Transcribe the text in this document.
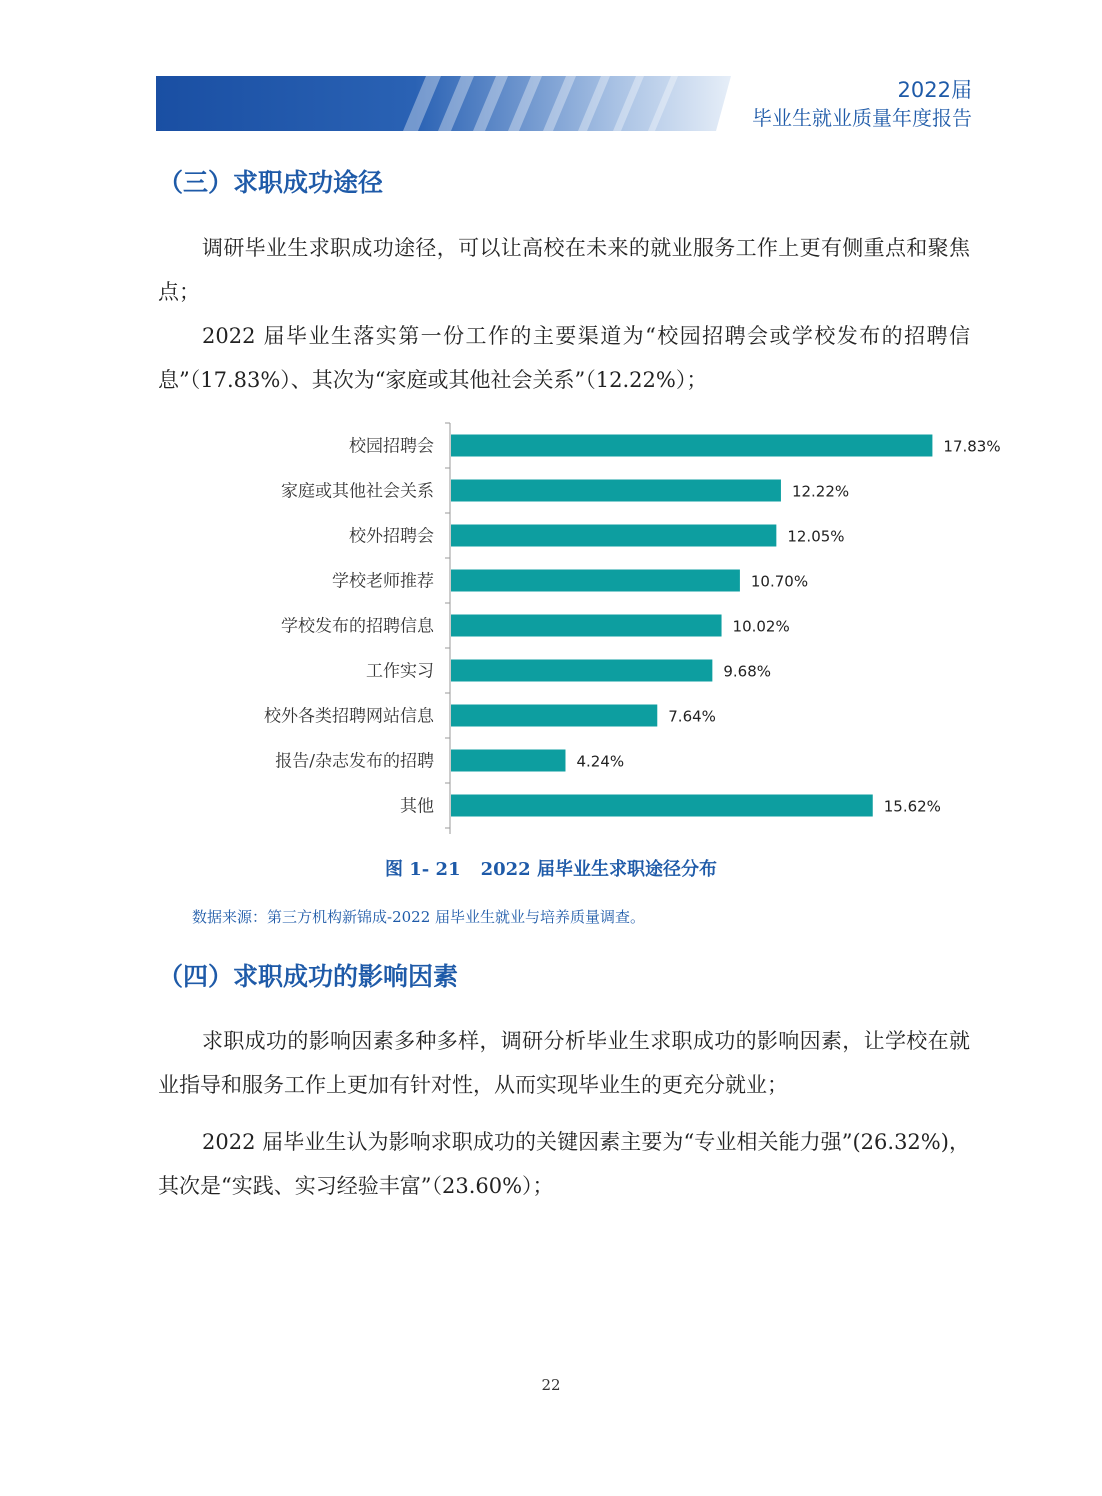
2022届
毕业生就业质量年度报告
（三）求职成功途径
调研毕业生求职成功途径，可以让高校在未来的就业服务工作上更有侧重点和聚焦点；
2022 届毕业生落实第一份工作的主要渠道为“校园招聘会或学校发布的招聘信息”（17.83%）、其次为“家庭或其他社会关系”（12.22%）；
校园招聘会	17.83%
家庭或其他社会关系	12.22%
校外招聘会	12.05%
学校老师推荐	10.70%
学校发布的招聘信息	10.02%
工作实习	9.68%
校外各类招聘网站信息	7.64%
报告/杂志发布的招聘	4.24%
其他	15.62%
图 1- 21 2022 届毕业生求职途径分布
数据来源：第三方机构新锦成-2022 届毕业生就业与培养质量调查。
（四）求职成功的影响因素
求职成功的影响因素多种多样，调研分析毕业生求职成功的影响因素，让学校在就业指导和服务工作上更加有针对性，从而实现毕业生的更充分就业；
2022 届毕业生认为影响求职成功的关键因素主要为“专业相关能力强”(26.32%)，其次是“实践、实习经验丰富”（23.60%）；
22
